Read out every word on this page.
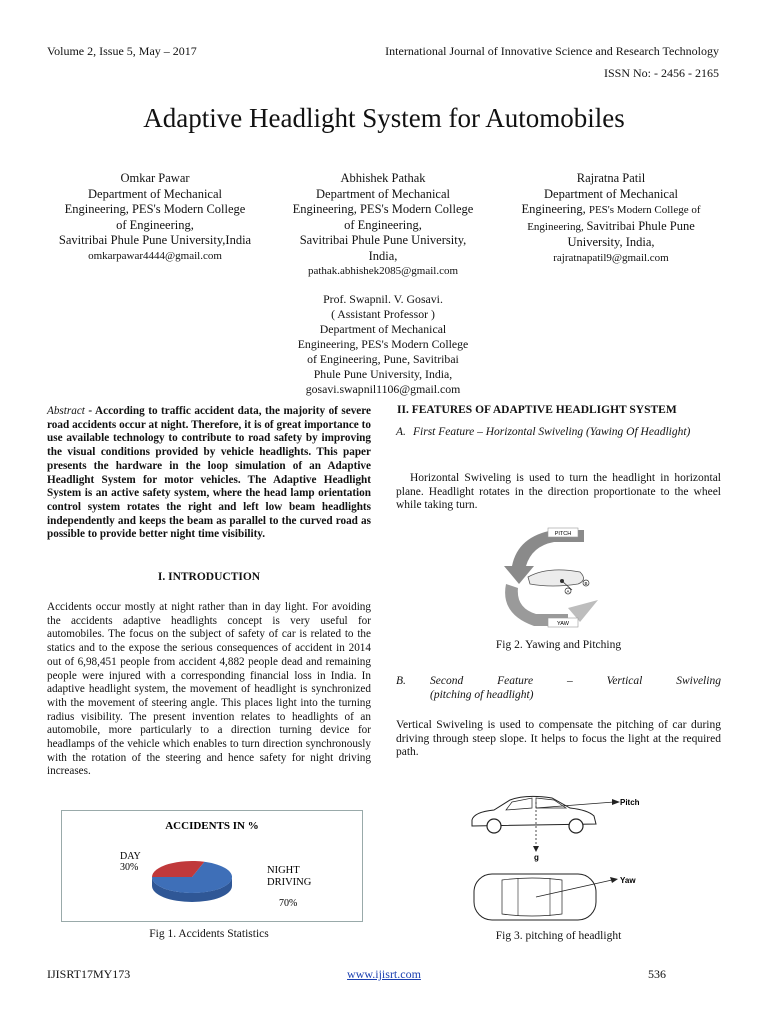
Volume 2, Issue 5, May – 2017	International Journal of Innovative Science and Research Technology
ISSN No: - 2456 - 2165
Adaptive Headlight System for Automobiles
Omkar Pawar
Department of Mechanical
Engineering, PES's Modern College
of Engineering,
Savitribai Phule Pune University,India
omkarpawar4444@gmail.com
Abhishek Pathak
Department of Mechanical
Engineering, PES's Modern College
of Engineering,
Savitribai Phule Pune University,
India,
pathak.abhishek2085@gmail.com
Rajratna Patil
Department of Mechanical
Engineering, PES's Modern College of
Engineering, Savitribai Phule Pune
University, India,
rajratnapatil9@gmail.com
Prof. Swapnil. V. Gosavi.
( Assistant Professor )
Department of Mechanical
Engineering, PES's Modern College
of Engineering, Pune, Savitribai
Phule Pune University, India,
gosavi.swapnil1106@gmail.com
Abstract - According to traffic accident data, the majority of severe road accidents occur at night. Therefore, it is of great importance to use available technology to contribute to road safety by improving the visual conditions provided by vehicle headlights. This paper presents the hardware in the loop simulation of an Adaptive Headlight System for motor vehicles. The Adaptive Headlight System is an active safety system, where the head lamp orientation control system rotates the right and left low beam headlights independently and keeps the beam as parallel to the curved road as possible to provide better night time visibility.
I. INTRODUCTION
Accidents occur mostly at night rather than in day light. For avoiding the accidents adaptive headlights concept is very useful for automobiles. The focus on the subject of safety of car is related to the statics and to the expose the serious consequences of accident in 2014 out of 6,98,451 people from accident 4,882 people dead and remaining people were injured with a corresponding financial loss in India. In adaptive headlight system, the movement of headlight is synchronized with the movement of steering angle. This places light into the turning radius visibility. The present invention relates to headlights of an automobile, more particularly to a direction turning device for headlamps of the vehicle which enables to turn direction synchronously with the rotation of the steering and hence safety for night driving increases.
ACCIDENTS IN %
DAY
30%	NIGHT
DRIVING
70%
Fig 1. Accidents Statistics
II. FEATURES OF ADAPTIVE HEADLIGHT SYSTEM
A. First Feature – Horizontal Swiveling (Yawing Of Headlight)
Horizontal Swiveling is used to turn the headlight in horizontal plane. Headlight rotates in the direction proportionate to the wheel while taking turn.
PITCH
YAW
A
B
Fig 2. Yawing and Pitching
B. Second	Feature	–	Vertical	Swiveling
(pitching of headlight)
Vertical Swiveling is used to compensate the pitching of car during driving through steep slope. It helps to focus the light at the required path.
Pitch
g
Yaw
Fig 3. pitching of headlight
IJISRT17MY173	www.ijisrt.com	536
